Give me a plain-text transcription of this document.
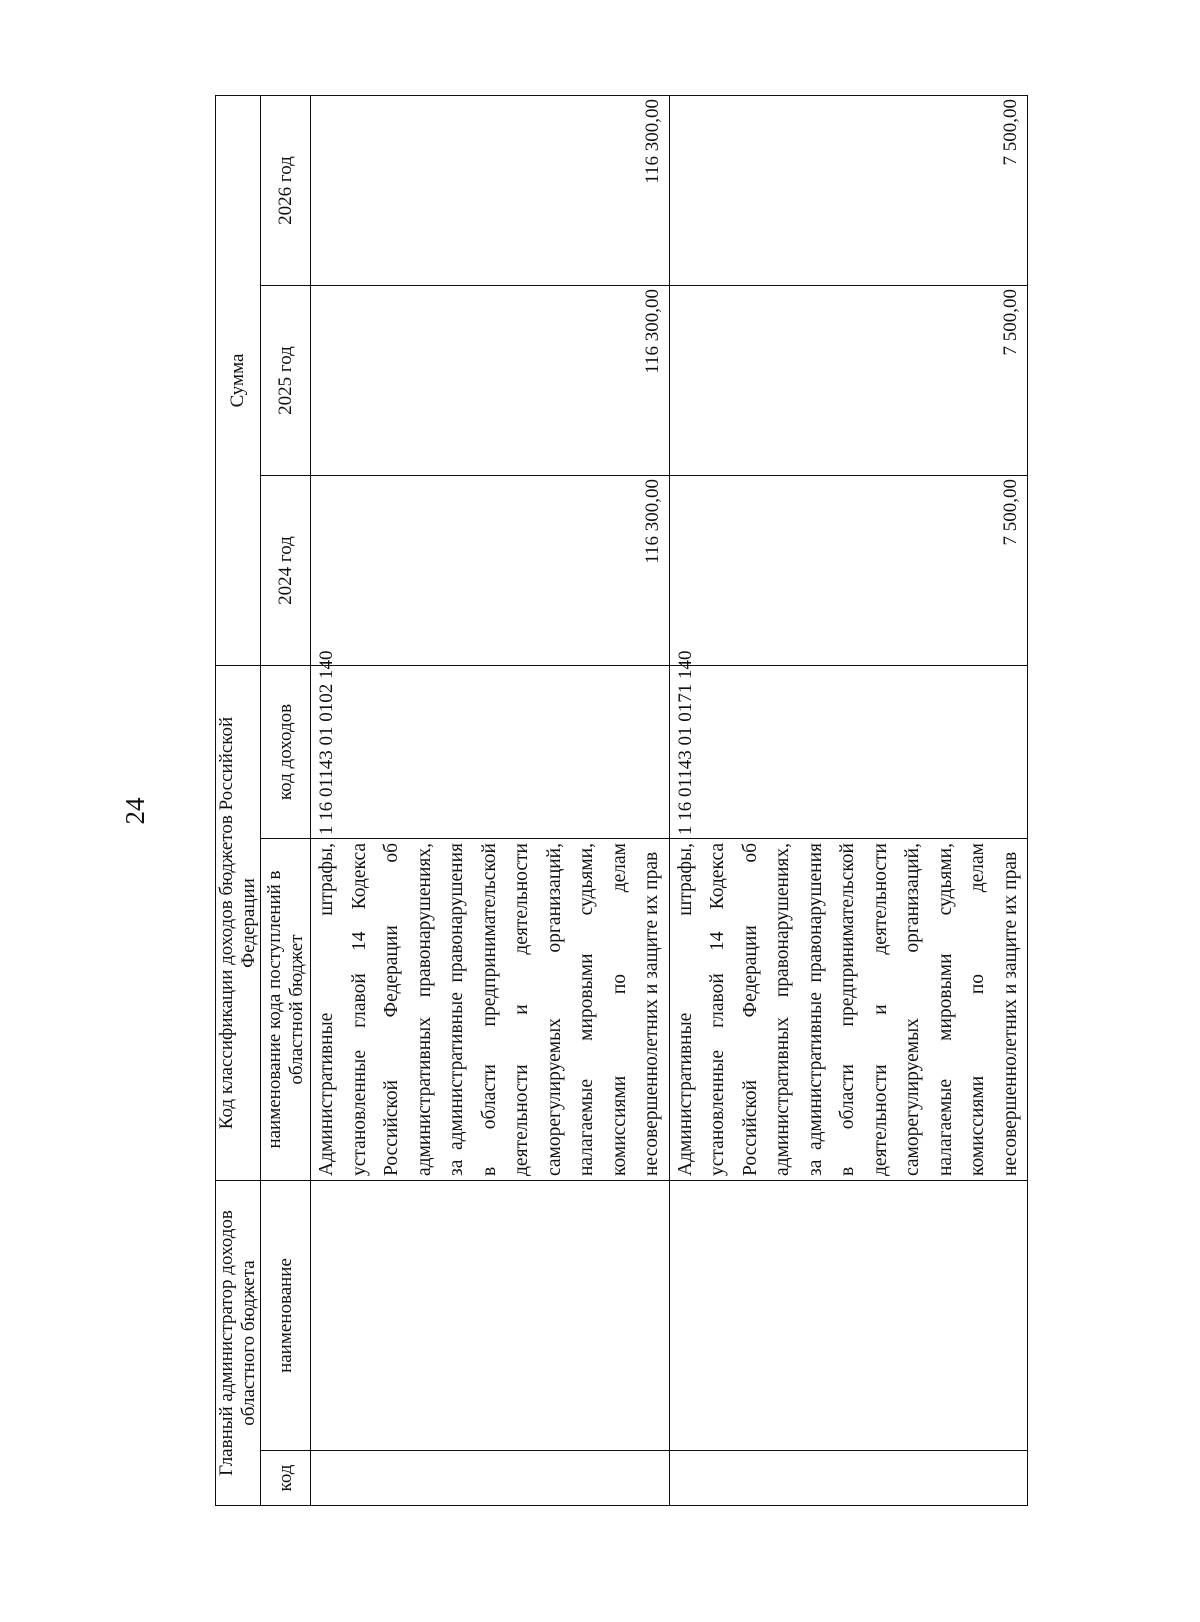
24
Главный администратор доходов областного бюджета		Код классификации доходов бюджетов Российской Федерации		Сумма		
код	наименование	наименование кода поступлений в областной бюджет	код доходов	2024 год	2025 год	2026 год
		Административные штрафы, установленные главой 14 Кодекса Российской Федерации об административных правонарушениях, за административные правонарушения в области предпринимательской деятельности и деятельности саморегулируемых организаций, налагаемые мировыми судьями, комиссиями по делам несовершеннолетних и защите их прав	1 16 01143 01 0102 140	116 300,00	116 300,00	116 300,00
		Административные штрафы, установленные главой 14 Кодекса Российской Федерации об административных правонарушениях, за административные правонарушения в области предпринимательской деятельности и деятельности саморегулируемых организаций, налагаемые мировыми судьями, комиссиями по делам несовершеннолетних и защите их прав	1 16 01143 01 0171 140	7 500,00	7 500,00	7 500,00
